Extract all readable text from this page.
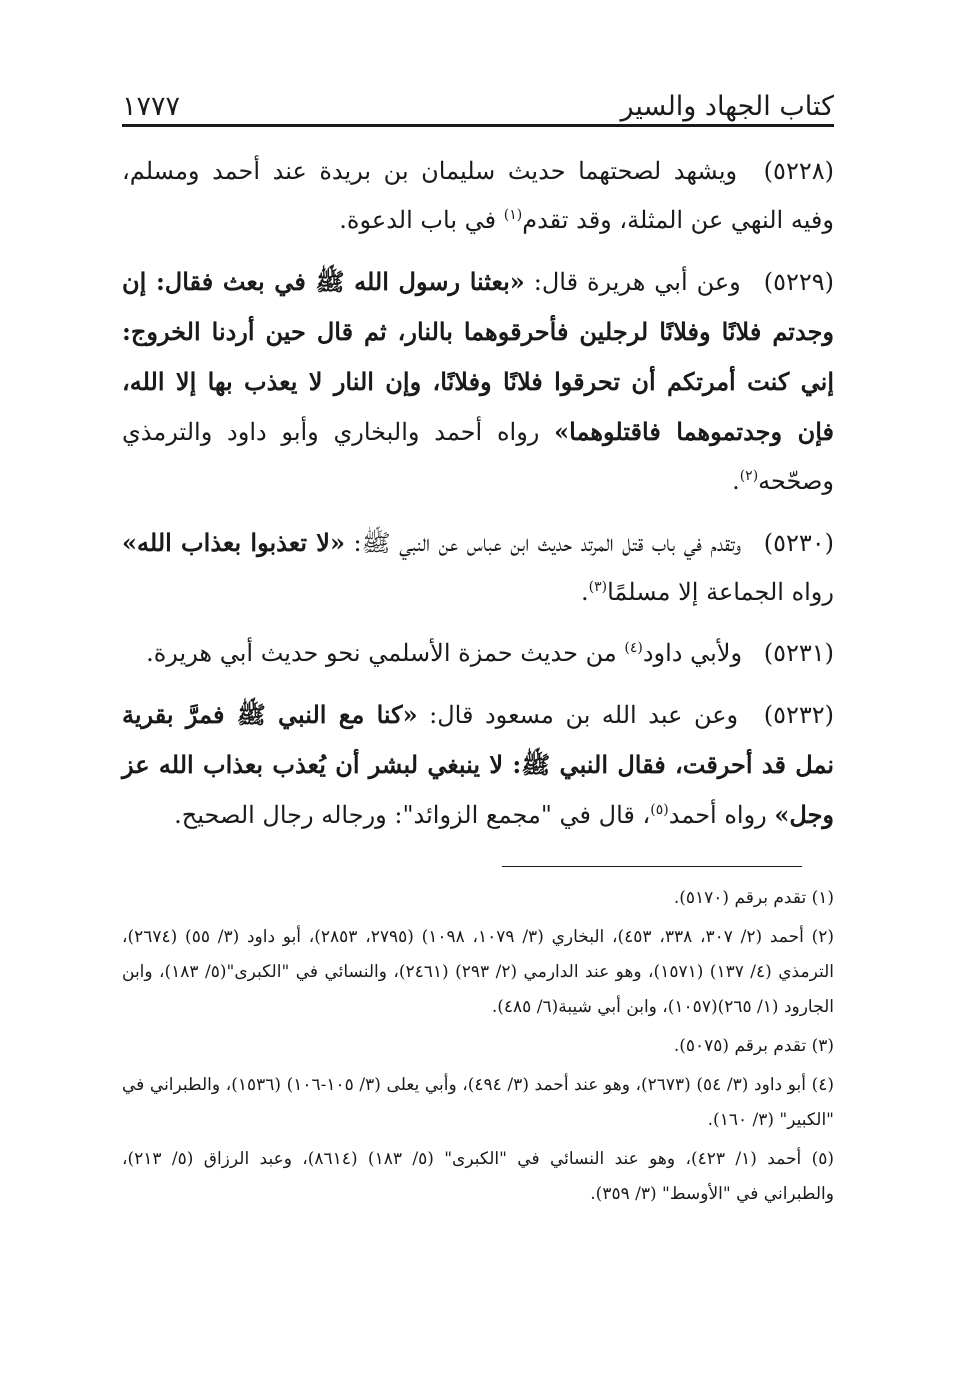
كتاب الجهاد والسير
١٧٧٧

(٥٢٢٨) ويشهد لصحتهما حديث سليمان بن بريدة عند أحمد ومسلم، وفيه النهي عن المثلة، وقد تقدم$^{(١)}$ في باب الدعوة.

(٥٢٢٩) وعن أبي هريرة قال: «بعثنا رسول الله ﷺ في بعث فقال: إن وجدتم فلانًا وفلانًا لرجلين فأحرقوهما بالنار، ثم قال حين أردنا الخروج: إني كنت أمرتكم أن تحرقوا فلانًا وفلانًا، وإن النار لا يعذب بها إلا الله، فإن وجدتموهما فاقتلوهما» رواه أحمد والبخاري وأبو داود والترمذي وصحّحه$^{(٢)}$.

(٥٢٣٠) وتقدم في باب قتل المرتد حديث ابن عباس عن النبي ﷺ: «لا تعذبوا بعذاب الله» رواه الجماعة إلا مسلمًا$^{(٣)}$.

(٥٢٣١) ولأبي داود$^{(٤)}$ من حديث حمزة الأسلمي نحو حديث أبي هريرة.

(٥٢٣٢) وعن عبد الله بن مسعود قال: «كنا مع النبي ﷺ فمرَّ بقرية نمل قد أحرقت، فقال النبي ﷺ: لا ينبغي لبشر أن يُعذب بعذاب الله عز وجل» رواه أحمد$^{(٥)}$، قال في "مجمع الزوائد": ورجاله رجال الصحيح.

(١) تقدم برقم (٥١٧٠).

(٢) أحمد (٢/ ٣٠٧، ٣٣٨، ٤٥٣)، البخاري (٣/ ١٠٧٩، ١٠٩٨) (٢٧٩٥، ٢٨٥٣)، أبو داود (٣/ ٥٥) (٢٦٧٤)، الترمذي (٤/ ١٣٧) (١٥٧١)، وهو عند الدارمي (٢/ ٢٩٣) (٢٤٦١)، والنسائي في "الكبرى"(٥/ ١٨٣)، وابن الجارود (١/ ٢٦٥)(١٠٥٧)، وابن أبي شيبة(٦/ ٤٨٥).

(٣) تقدم برقم (٥٠٧٥).

(٤) أبو داود (٣/ ٥٤) (٢٦٧٣)، وهو عند أحمد (٣/ ٤٩٤)، وأبي يعلى (٣/ ١٠٥-١٠٦) (١٥٣٦)، والطبراني في "الكبير" (٣/ ١٦٠).

(٥) أحمد (١/ ٤٢٣)، وهو عند النسائي في "الكبرى" (٥/ ١٨٣) (٨٦١٤)، وعبد الرزاق (٥/ ٢١٣)، والطبراني في "الأوسط" (٣/ ٣٥٩).
